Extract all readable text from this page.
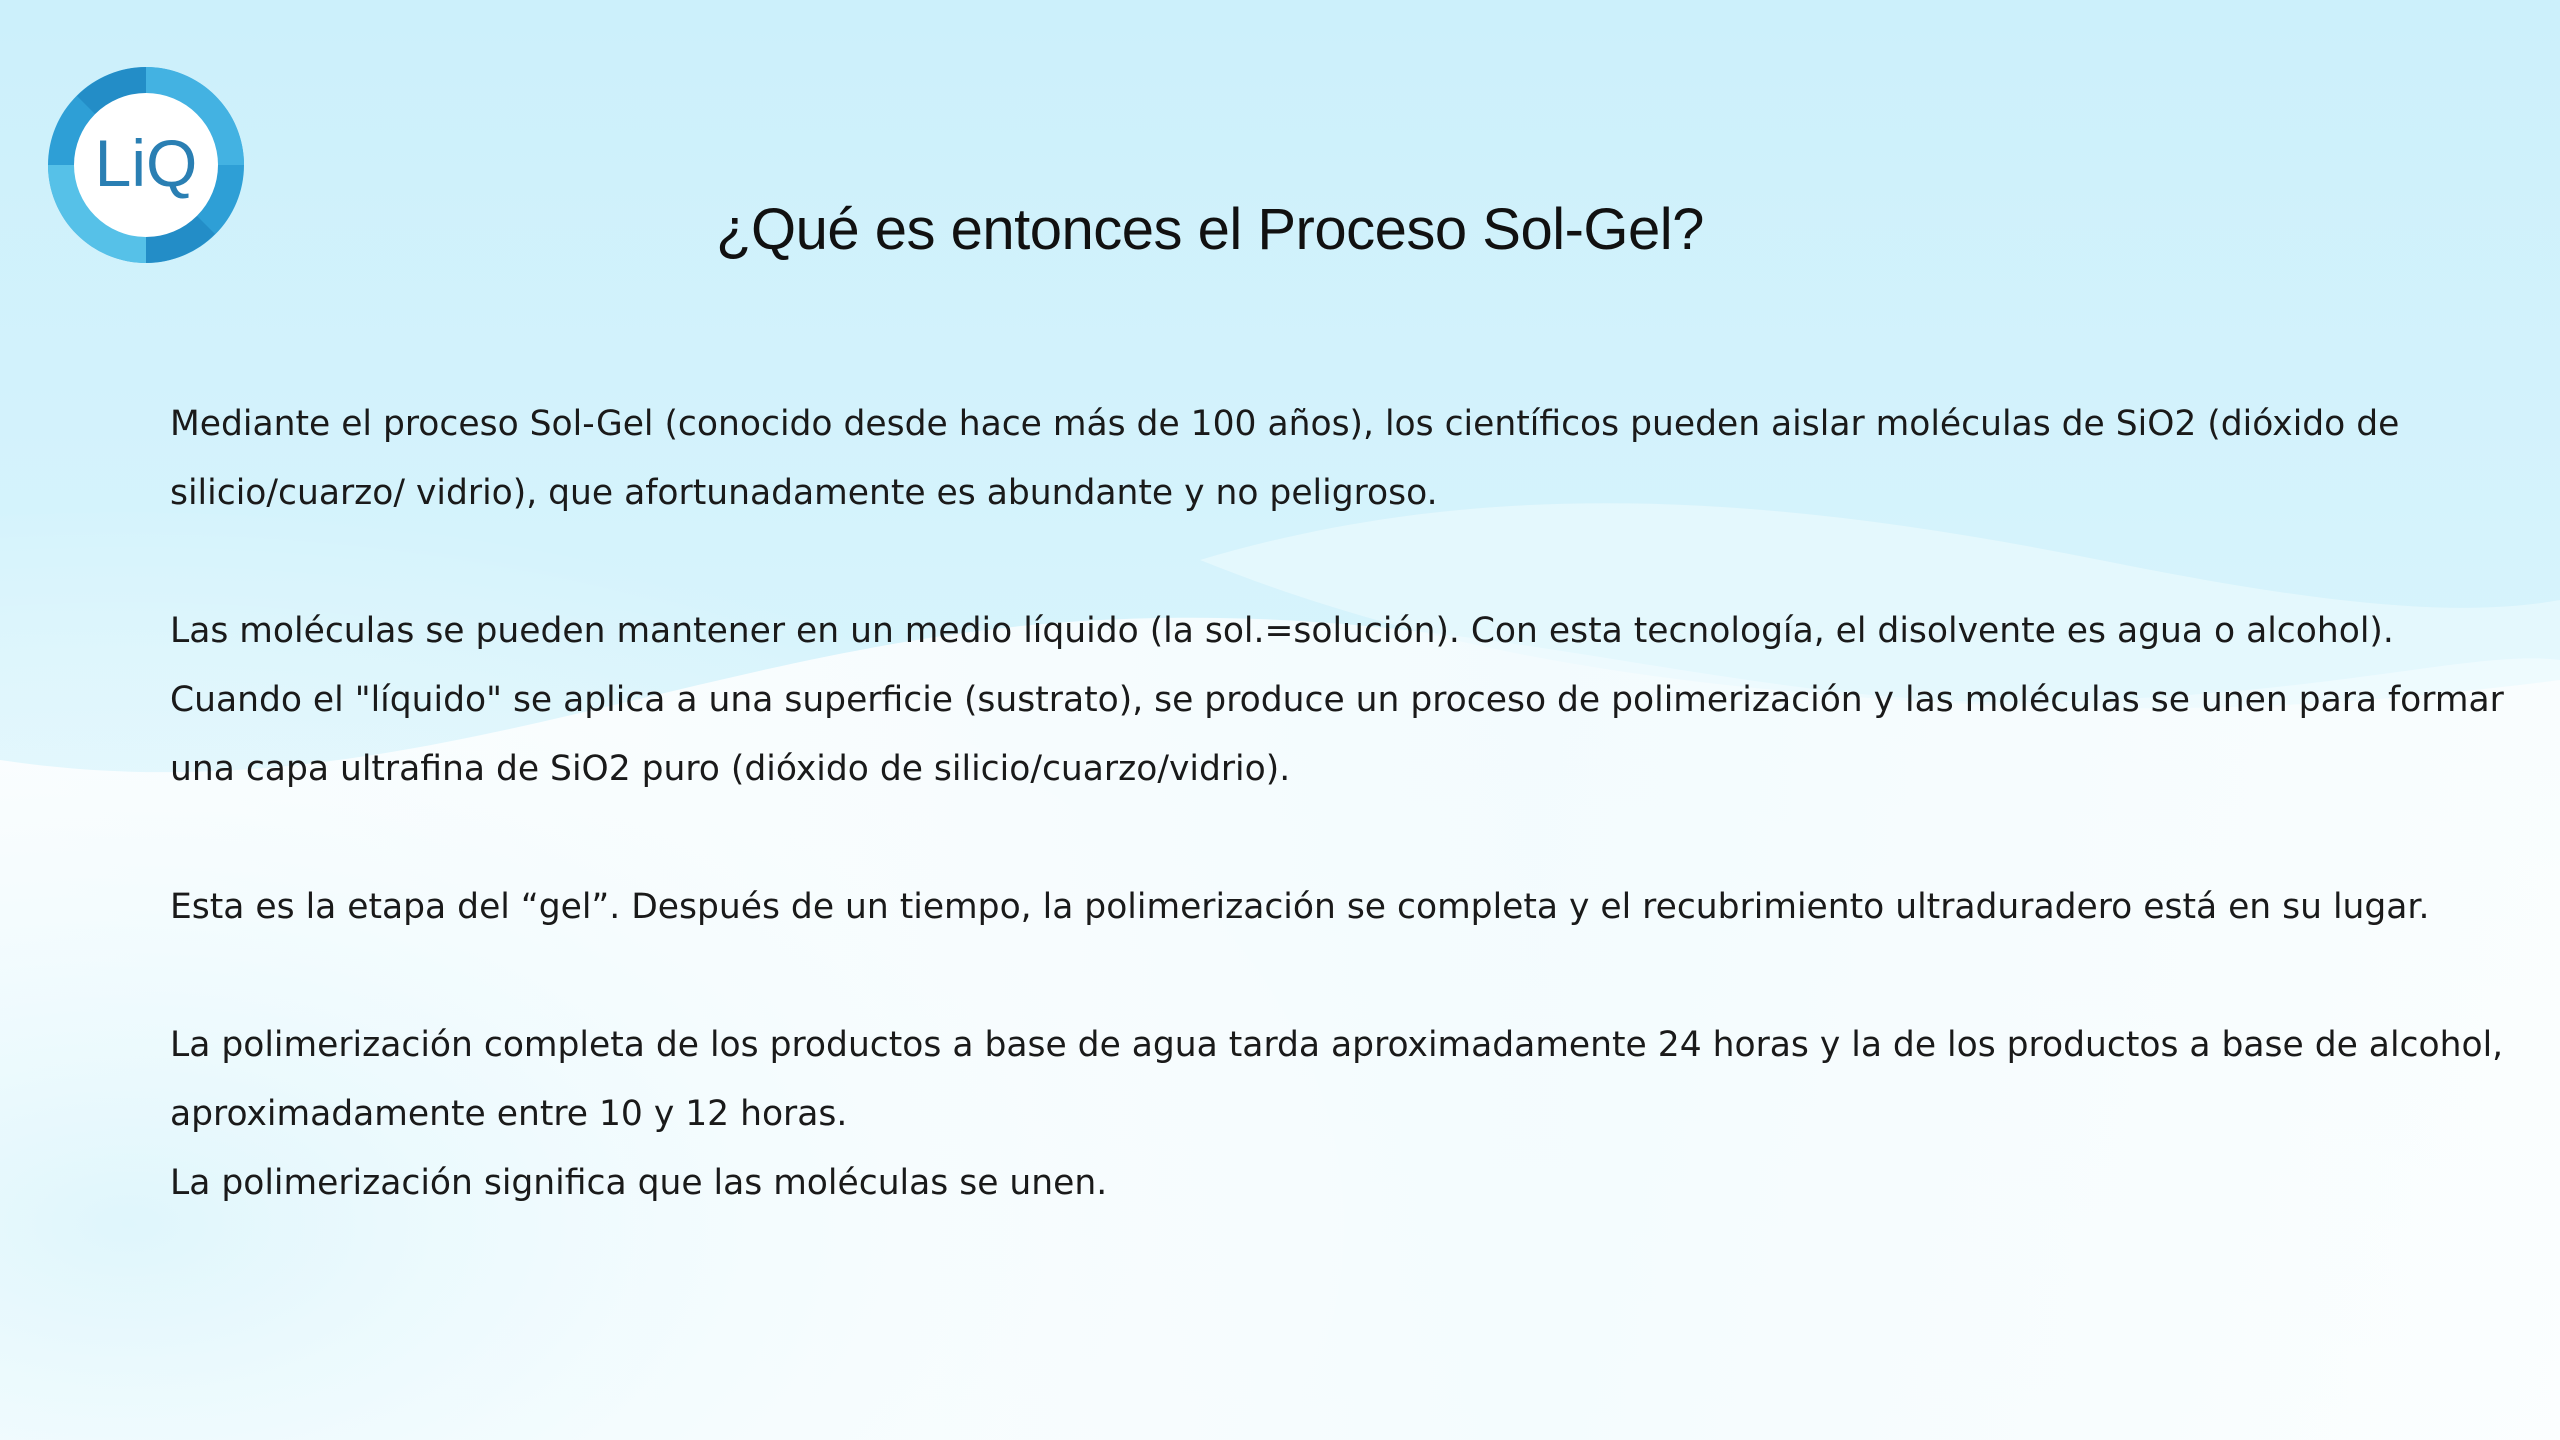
LiQ
¿Qué es entonces el Proceso Sol-Gel?

Mediante el proceso Sol-Gel (conocido desde hace más de 100 años), los científicos pueden aislar moléculas de SiO2 (dióxido de silicio/cuarzo/ vidrio), que afortunadamente es abundante y no peligroso.

Las moléculas se pueden mantener en un medio líquido (la sol.=solución). Con esta tecnología, el disolvente es agua o alcohol). Cuando el "líquido" se aplica a una superficie (sustrato), se produce un proceso de polimerización y las moléculas se unen para formar una capa ultrafina de SiO2 puro (dióxido de silicio/cuarzo/vidrio).

Esta es la etapa del “gel”. Después de un tiempo, la polimerización se completa y el recubrimiento ultraduradero está en su lugar.

La polimerización completa de los productos a base de agua tarda aproximadamente 24 horas y la de los productos a base de alcohol, aproximadamente entre 10 y 12 horas.

La polimerización significa que las moléculas se unen.
